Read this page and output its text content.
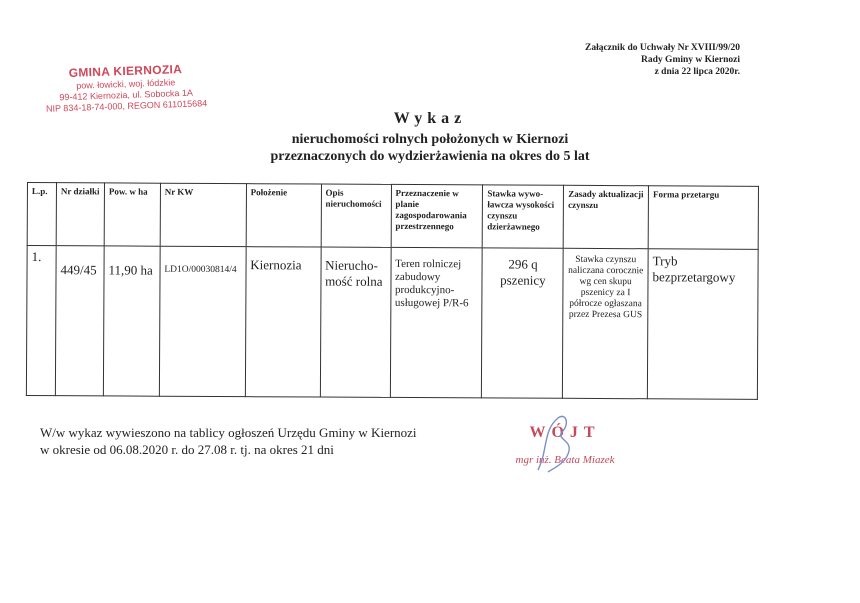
GMINA KIERNOZIA
pow. łowicki, woj. łódzkie
99-412 Kiernozia, ul. Sobocka 1A
NIP 834-18-74-000, REGON 611015684
Załącznik do Uchwały Nr XVIII/99/20
Rady Gminy w Kiernozi
z dnia 22 lipca 2020r.
Wykaz
nieruchomości rolnych położonych w Kiernozi
przeznaczonych do wydzierżawienia na okres do 5 lat
L.p.	Nr działki	Pow. w ha	Nr KW	Położenie	Opis nieruchomości	Przeznaczenie w planie zagospodarowania przestrzennego	Stawka wywo-ławcza wysokości czynszu dzierżawnego	Zasady aktualizacji czynszu	Forma przetargu
1.	449/45	11,90 ha	LD1O/00030814/4	Kiernozia	Nierucho-mość rolna	Teren rolniczej zabudowy produkcyjno-usługowej P/R-6	296 q pszenicy	Stawka czynszu naliczana corocznie wg cen skupu pszenicy za I półrocze ogłaszana przez Prezesa GUS	Tryb bezprzetargowy
W/w wykaz wywieszono na tablicy ogłoszeń Urzędu Gminy w Kiernozi
w okresie od 06.08.2020 r. do 27.08 r. tj. na okres 21 dni
WÓJT
mgr inż. Beata Miazek
